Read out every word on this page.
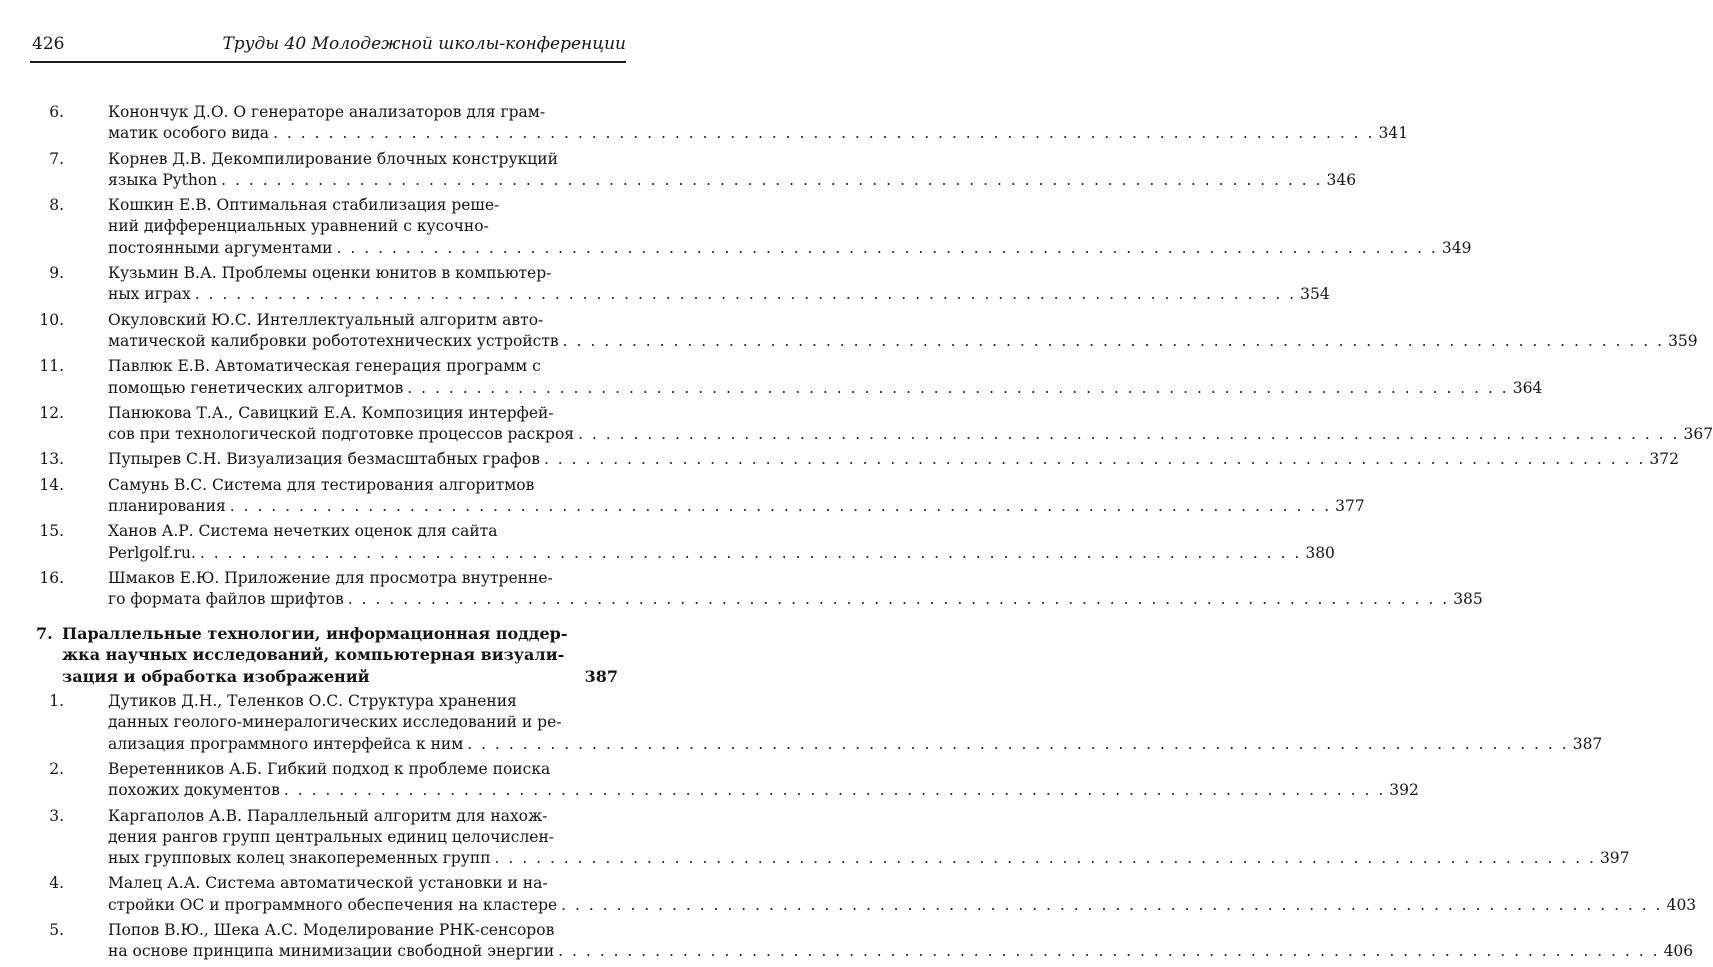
426	Труды 40 Молодежной школы-конференции
6.	Конончук Д.О. О генераторе анализаторов для грам-
матик особого вида . . . . . . . . . . . . . . . . . . . . . . . . . . . . . . . . . . . . . . . . . . . . . . . . . . . . . . . . . . . . . . . . . . . . . . . . . . . . . . . . 341
7.	Корнев Д.В. Декомпилирование блочных конструкций
языка Python . . . . . . . . . . . . . . . . . . . . . . . . . . . . . . . . . . . . . . . . . . . . . . . . . . . . . . . . . . . . . . . . . . . . . . . . . . . . . . . . 346
8.	Кошкин Е.В. Оптимальная стабилизация реше-
ний дифференциальных уравнений с кусочно-
постоянными аргументами . . . . . . . . . . . . . . . . . . . . . . . . . . . . . . . . . . . . . . . . . . . . . . . . . . . . . . . . . . . . . . . . . . . . . . . . . . . . . . . . 349
9.	Кузьмин В.А. Проблемы оценки юнитов в компьютер-
ных играх . . . . . . . . . . . . . . . . . . . . . . . . . . . . . . . . . . . . . . . . . . . . . . . . . . . . . . . . . . . . . . . . . . . . . . . . . . . . . . . . 354
10.	Окуловский Ю.С. Интеллектуальный алгоритм авто-
матической калибровки робототехнических устройств . . . . . . . . . . . . . . . . . . . . . . . . . . . . . . . . . . . . . . . . . . . . . . . . . . . . . . . . . . . . . . . . . . . . . . . . . . . . . . . . 359
11.	Павлюк Е.В. Автоматическая генерация программ с
помощью генетических алгоритмов . . . . . . . . . . . . . . . . . . . . . . . . . . . . . . . . . . . . . . . . . . . . . . . . . . . . . . . . . . . . . . . . . . . . . . . . . . . . . . . . 364
12.	Панюкова Т.А., Савицкий Е.А. Композиция интерфей-
сов при технологической подготовке процессов раскроя . . . . . . . . . . . . . . . . . . . . . . . . . . . . . . . . . . . . . . . . . . . . . . . . . . . . . . . . . . . . . . . . . . . . . . . . . . . . . . . . 367
13.	Пупырев С.Н. Визуализация безмасштабных графов . . . . . . . . . . . . . . . . . . . . . . . . . . . . . . . . . . . . . . . . . . . . . . . . . . . . . . . . . . . . . . . . . . . . . . . . . . . . . . . . 372
14.	Самунь В.С. Система для тестирования алгоритмов
планирования . . . . . . . . . . . . . . . . . . . . . . . . . . . . . . . . . . . . . . . . . . . . . . . . . . . . . . . . . . . . . . . . . . . . . . . . . . . . . . . . 377
15.	Ханов А.Р. Система нечетких оценок для сайта
Perlgolf.ru. . . . . . . . . . . . . . . . . . . . . . . . . . . . . . . . . . . . . . . . . . . . . . . . . . . . . . . . . . . . . . . . . . . . . . . . . . . . . . . . . 380
16.	Шмаков Е.Ю. Приложение для просмотра внутренне-
го формата файлов шрифтов . . . . . . . . . . . . . . . . . . . . . . . . . . . . . . . . . . . . . . . . . . . . . . . . . . . . . . . . . . . . . . . . . . . . . . . . . . . . . . . . 385
7. Параллельные технологии, информационная поддер-
жка научных исследований, компьютерная визуали-
зация и обработка изображений	387
1.	Дутиков Д.Н., Теленков О.С. Структура хранения
данных геолого-минералогических исследований и ре-
ализация программного интерфейса к ним . . . . . . . . . . . . . . . . . . . . . . . . . . . . . . . . . . . . . . . . . . . . . . . . . . . . . . . . . . . . . . . . . . . . . . . . . . . . . . . . 387
2.	Веретенников А.Б. Гибкий подход к проблеме поиска
похожих документов . . . . . . . . . . . . . . . . . . . . . . . . . . . . . . . . . . . . . . . . . . . . . . . . . . . . . . . . . . . . . . . . . . . . . . . . . . . . . . . . 392
3.	Каргаполов А.В. Параллельный алгоритм для нахож-
дения рангов групп центральных единиц целочислен-
ных групповых колец знакопеременных групп . . . . . . . . . . . . . . . . . . . . . . . . . . . . . . . . . . . . . . . . . . . . . . . . . . . . . . . . . . . . . . . . . . . . . . . . . . . . . . . . 397
4.	Малец А.А. Система автоматической установки и на-
стройки ОС и программного обеспечения на кластере . . . . . . . . . . . . . . . . . . . . . . . . . . . . . . . . . . . . . . . . . . . . . . . . . . . . . . . . . . . . . . . . . . . . . . . . . . . . . . . . 403
5.	Попов В.Ю., Шека А.С. Моделирование РНК-сенсоров
на основе принципа минимизации свободной энергии . . . . . . . . . . . . . . . . . . . . . . . . . . . . . . . . . . . . . . . . . . . . . . . . . . . . . . . . . . . . . . . . . . . . . . . . . . . . . . . . 406
